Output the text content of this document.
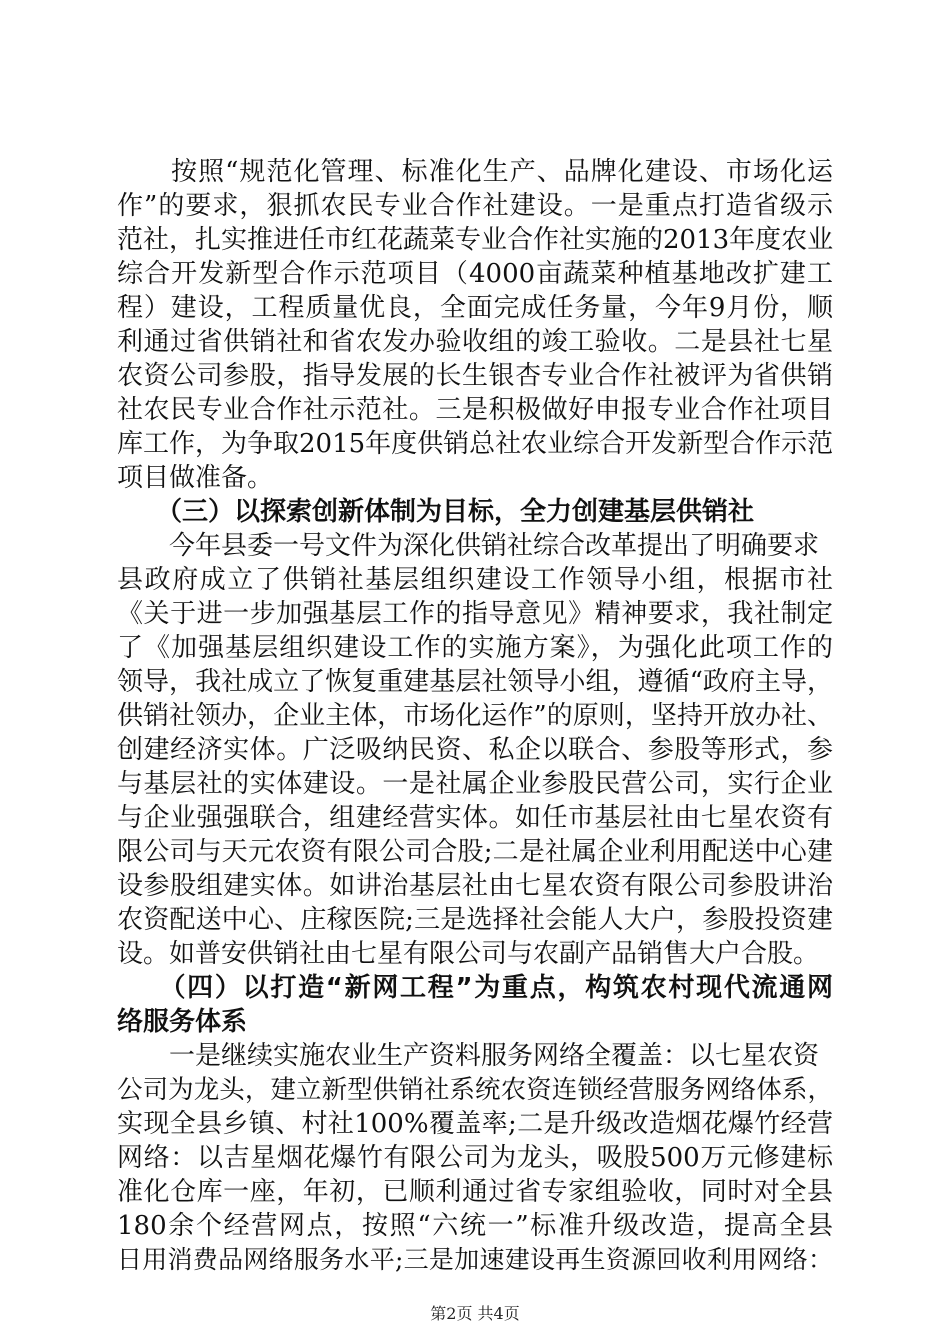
　　按照“规范化管理、标准化生产、品牌化建设、市场化运
作”的要求，狠抓农民专业合作社建设。一是重点打造省级示
范社，扎实推进任市红花蔬菜专业合作社实施的2013年度农业
综合开发新型合作示范项目（4000亩蔬菜种植基地改扩建工
程）建设，工程质量优良，全面完成任务量，今年9月份，顺
利通过省供销社和省农发办验收组的竣工验收。二是县社七星
农资公司参股，指导发展的长生银杏专业合作社被评为省供销
社农民专业合作社示范社。三是积极做好申报专业合作社项目
库工作，为争取2015年度供销总社农业综合开发新型合作示范
项目做准备。
　　（三）以探索创新体制为目标，全力创建基层供销社
　　今年县委一号文件为深化供销社综合改革提出了明确要求
县政府成立了供销社基层组织建设工作领导小组，根据市社
《关于进一步加强基层工作的指导意见》精神要求，我社制定
了《加强基层组织建设工作的实施方案》，为强化此项工作的
领导，我社成立了恢复重建基层社领导小组，遵循“政府主导，
供销社领办，企业主体，市场化运作”的原则，坚持开放办社、
创建经济实体。广泛吸纳民资、私企以联合、参股等形式，参
与基层社的实体建设。一是社属企业参股民营公司，实行企业
与企业强强联合，组建经营实体。如任市基层社由七星农资有
限公司与天元农资有限公司合股;二是社属企业利用配送中心建
设参股组建实体。如讲治基层社由七星农资有限公司参股讲治
农资配送中心、庄稼医院;三是选择社会能人大户，参股投资建
设。如普安供销社由七星有限公司与农副产品销售大户合股。
　　（四）以打造“新网工程”为重点，构筑农村现代流通网
络服务体系
　　一是继续实施农业生产资料服务网络全覆盖：以七星农资
公司为龙头，建立新型供销社系统农资连锁经营服务网络体系，
实现全县乡镇、村社100%覆盖率;二是升级改造烟花爆竹经营
网络：以吉星烟花爆竹有限公司为龙头，吸股500万元修建标
准化仓库一座，年初，已顺利通过省专家组验收，同时对全县
180余个经营网点，按照“六统一”标准升级改造，提高全县
日用消费品网络服务水平;三是加速建设再生资源回收利用网络：
第2页 共4页
